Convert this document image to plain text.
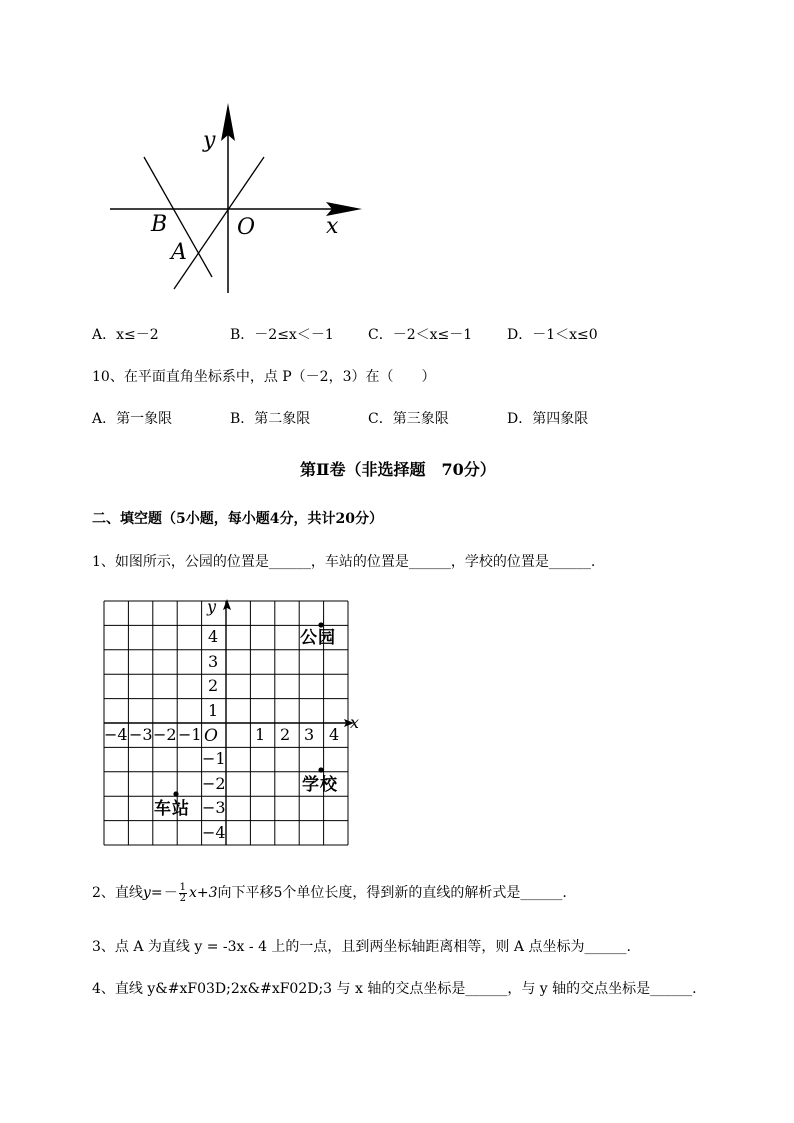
y
x
O
B
A
A．x≤－2	B．－2≤x＜－1 C．－2＜x≤－1 D．－1＜x≤0
10、在平面直角坐标系中，点 P（－2，3）在（　　）
A．第一象限	B．第二象限	C．第三象限	D．第四象限
第Ⅱ卷（非选择题　70分）
二、填空题（5小题，每小题4分，共计20分）
1、如图所示，公园的位置是______，车站的位置是______，学校的位置是______.
y
x
O
−4 −3 −2 −1	1 2 3 4
4
3
2
1
−1
−2
−3
−4
公园
车站
学校
2、直线$y=- \frac{1}{2} x+3$向下平移5个单位长度，得到新的直线的解析式是______.
3、点 A 为直线 y = -3x - 4 上的一点，且到两坐标轴距离相等，则 A 点坐标为______.
4、直线 y&#xF03D;2x&#xF02D;3 与 x 轴的交点坐标是______，与 y 轴的交点坐标是______.
